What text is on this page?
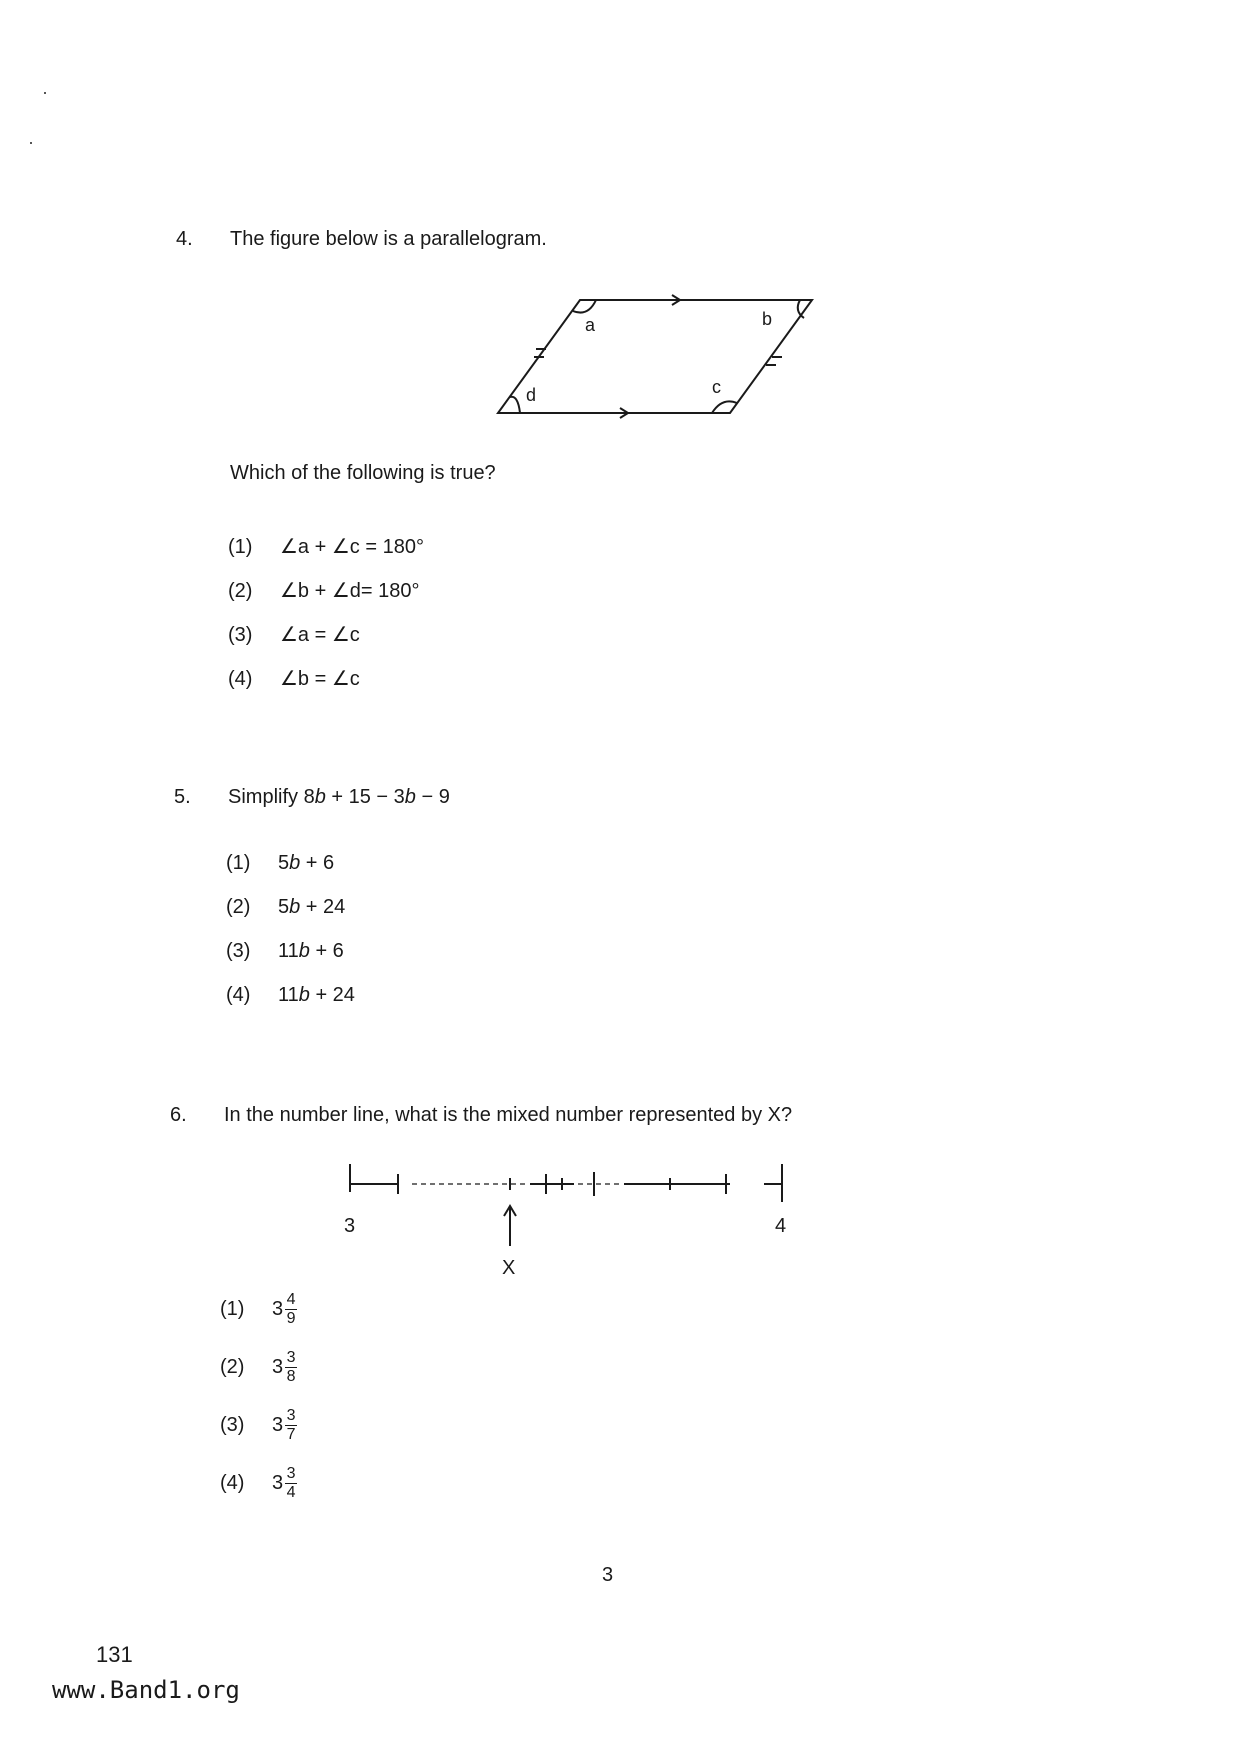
4. The figure below is a parallelogram.
a	b
c
d
Which of the following is true?
(1) ∠a + ∠c = 180°
(2) ∠b + ∠d= 180°
(3) ∠a = ∠c
(4) ∠b = ∠c
5. Simplify 8b + 15 − 3b − 9
(1) 5b + 6
(2) 5b + 24
(3) 11b + 6
(4) 11b + 24
6. In the number line, what is the mixed number represented by X?
3	4
X
(1) $3 \frac{4}{9}$
(2) $3 \frac{3}{8}$
(3) $3 \frac{3}{7}$
(4) $3 \frac{3}{4}$
3
131
www.Band1.org
